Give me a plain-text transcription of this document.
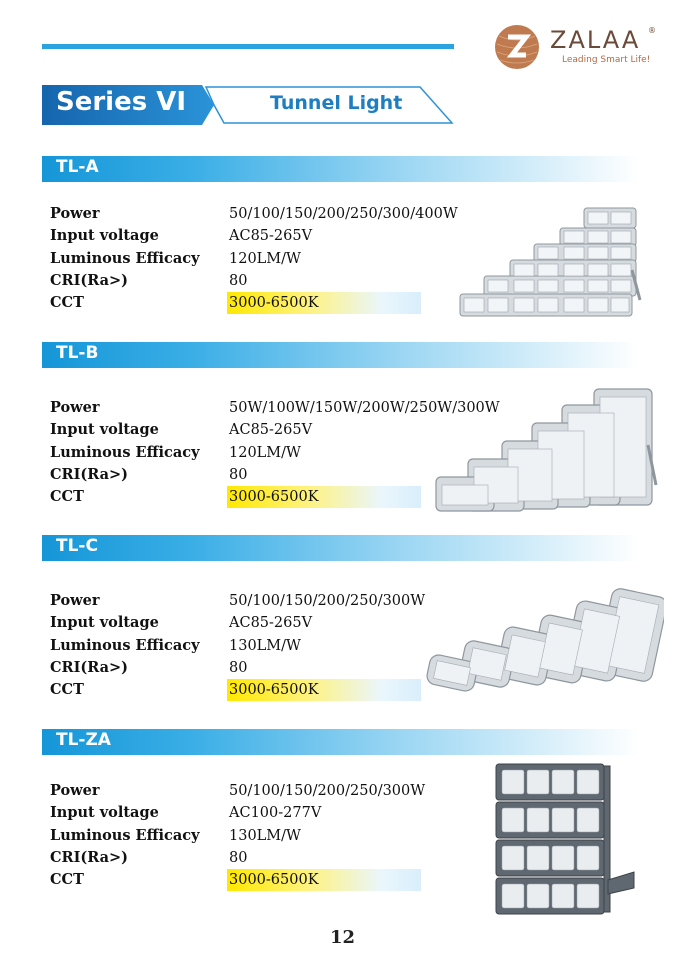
ZALAA ®
Leading Smart Life!
Series VI	Tunnel Light
TL-A
Power	50/100/150/200/250/300/400W
Input voltage	AC85-265V
Luminous Efficacy 120LM/W
CRI(Ra>)	80
CCT	3000-6500K
TL-B
Power	50W/100W/150W/200W/250W/300W
Input voltage	AC85-265V
Luminous Efficacy 120LM/W
CRI(Ra>)	80
CCT	3000-6500K
TL-C
Power	50/100/150/200/250/300W
Input voltage	AC85-265V
Luminous Efficacy 130LM/W
CRI(Ra>)	80
CCT	3000-6500K
TL-ZA
Power	50/100/150/200/250/300W
Input voltage	AC100-277V
Luminous Efficacy 130LM/W
CRI(Ra>)	80
CCT	3000-6500K
12
